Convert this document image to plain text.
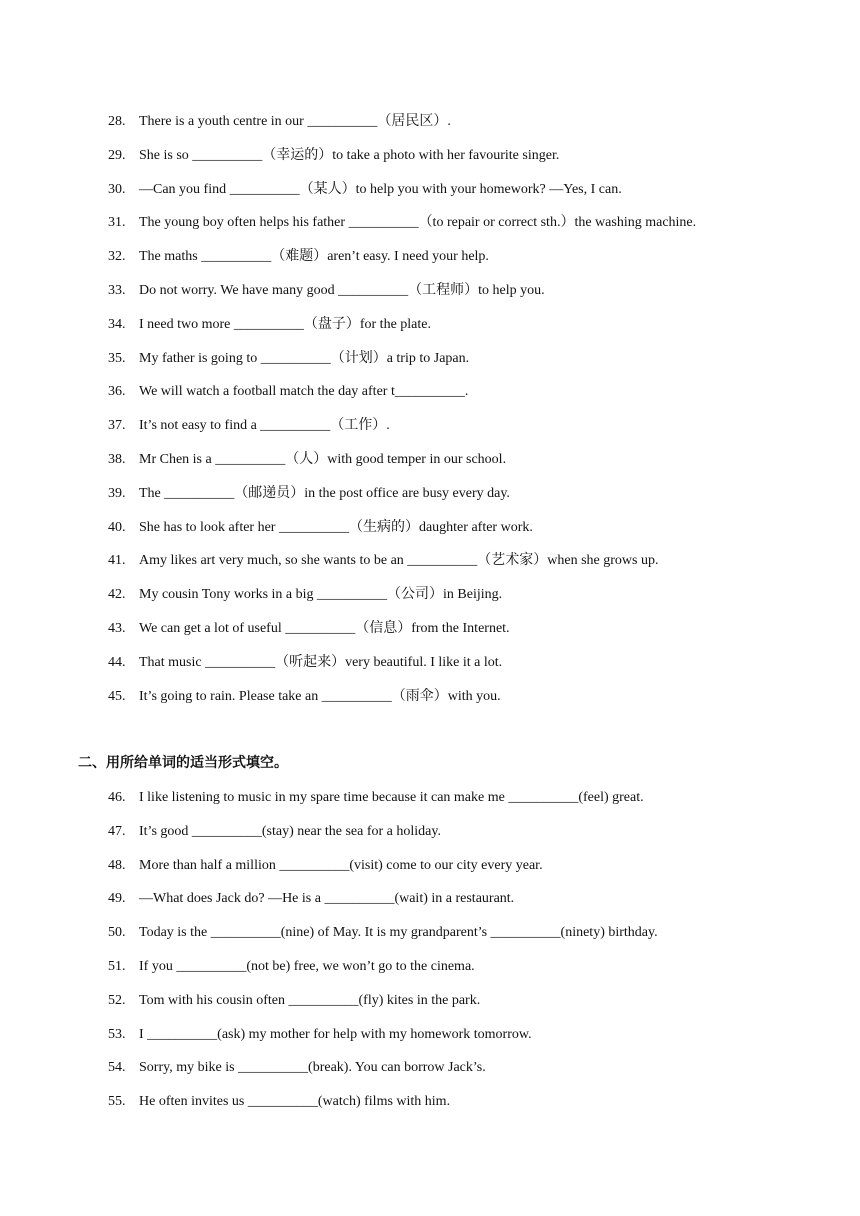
28. There is a youth centre in our __________（居民区）.
29. She is so __________（幸运的）to take a photo with her favourite singer.
30. —Can you find __________（某人）to help you with your homework? —Yes, I can.
31. The young boy often helps his father __________（to repair or correct sth.）the washing machine.
32. The maths __________（难题）aren’t easy. I need your help.
33. Do not worry. We have many good __________（工程师）to help you.
34. I need two more __________（盘子）for the plate.
35. My father is going to __________（计划）a trip to Japan.
36. We will watch a football match the day after t__________.
37. It’s not easy to find a __________（工作）.
38. Mr Chen is a __________（人）with good temper in our school.
39. The __________（邮递员）in the post office are busy every day.
40. She has to look after her __________（生病的）daughter after work.
41. Amy likes art very much, so she wants to be an __________（艺术家）when she grows up.
42. My cousin Tony works in a big __________（公司）in Beijing.
43. We can get a lot of useful __________（信息）from the Internet.
44. That music __________（听起来）very beautiful. I like it a lot.
45. It’s going to rain. Please take an __________（雨伞）with you.
二、用所给单词的适当形式填空。
46. I like listening to music in my spare time because it can make me __________(feel) great.
47. It’s good __________(stay) near the sea for a holiday.
48. More than half a million __________(visit) come to our city every year.
49. —What does Jack do? —He is a __________(wait) in a restaurant.
50. Today is the __________(nine) of May. It is my grandparent’s __________(ninety) birthday.
51. If you __________(not be) free, we won’t go to the cinema.
52. Tom with his cousin often __________(fly) kites in the park.
53. I __________(ask) my mother for help with my homework tomorrow.
54. Sorry, my bike is __________(break). You can borrow Jack’s.
55. He often invites us __________(watch) films with him.
